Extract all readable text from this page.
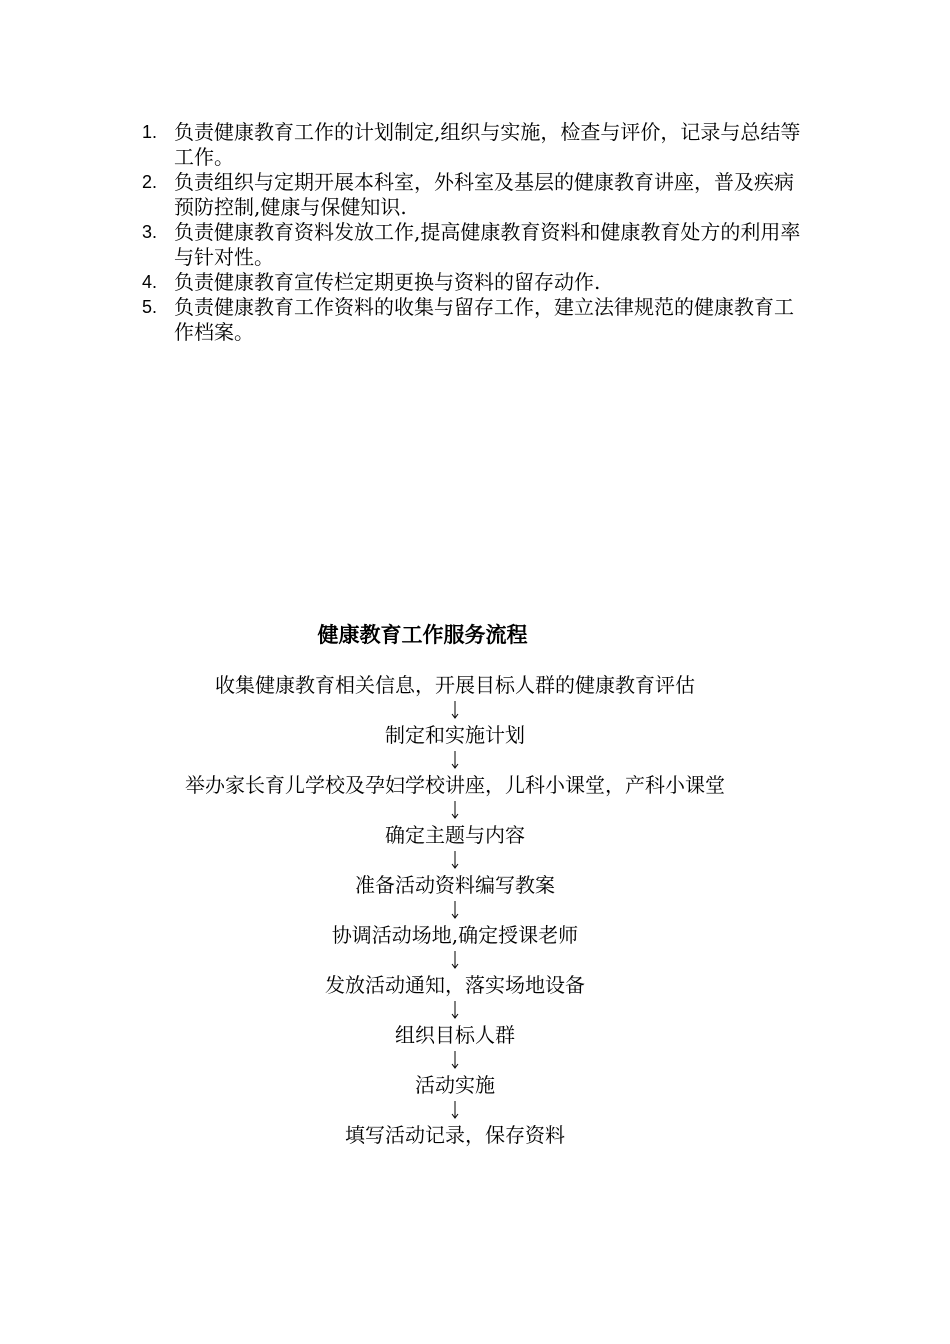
1. 负责健康教育工作的计划制定,组织与实施，检查与评价，记录与总结等工作。
2. 负责组织与定期开展本科室，外科室及基层的健康教育讲座，普及疾病预防控制,健康与保健知识.
3. 负责健康教育资料发放工作,提高健康教育资料和健康教育处方的利用率与针对性。
4. 负责健康教育宣传栏定期更换与资料的留存动作.
5. 负责健康教育工作资料的收集与留存工作，建立法律规范的健康教育工作档案。
健康教育工作服务流程
收集健康教育相关信息，开展目标人群的健康教育评估
制定和实施计划
举办家长育儿学校及孕妇学校讲座，儿科小课堂，产科小课堂
确定主题与内容
准备活动资料编写教案
协调活动场地,确定授课老师
发放活动通知，落实场地设备
组织目标人群
活动实施
填写活动记录，保存资料
